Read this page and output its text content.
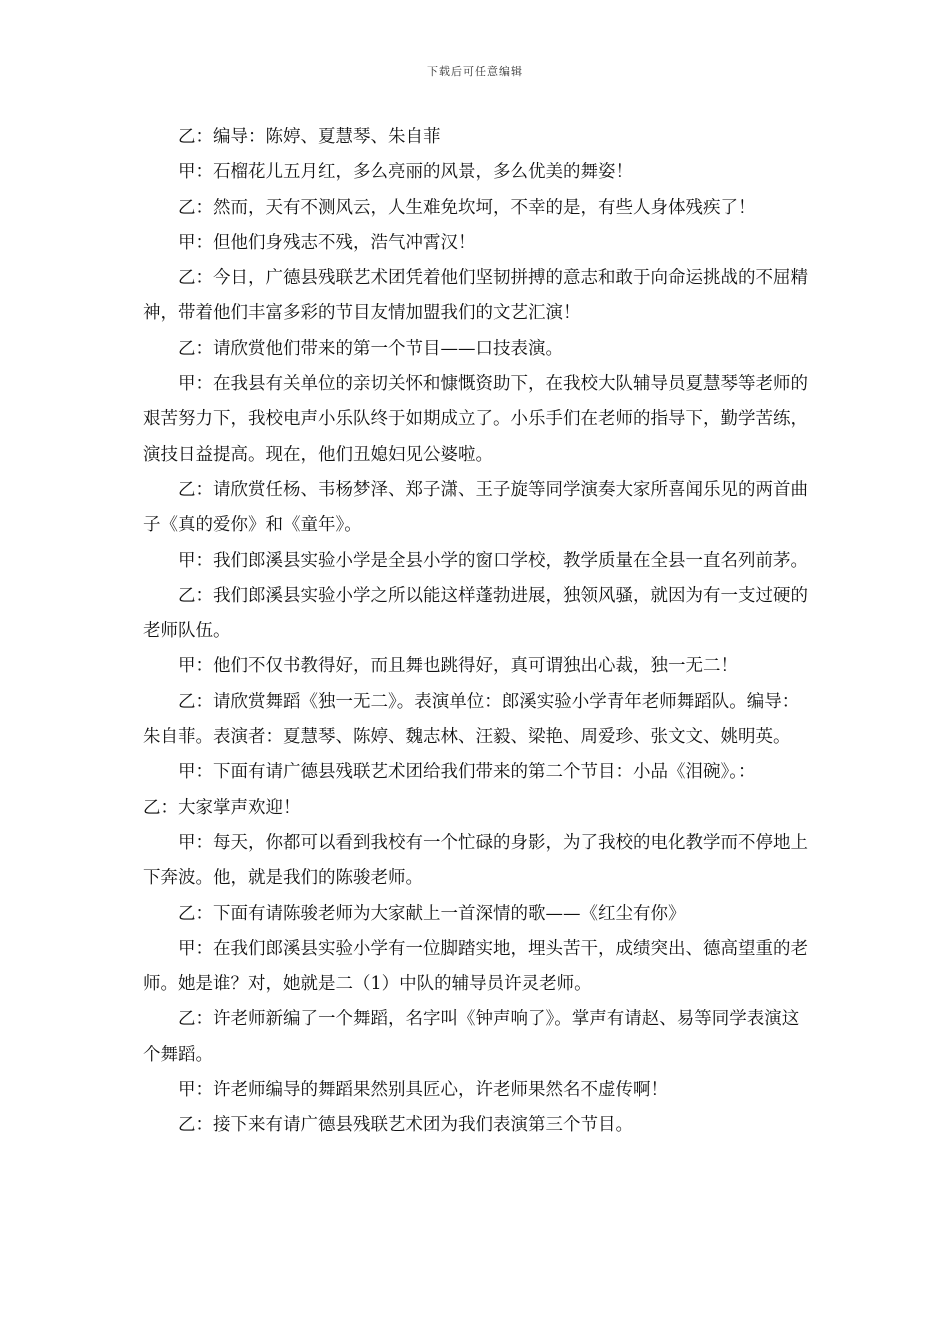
下载后可任意编辑

乙：编导：陈婷、夏慧琴、朱自菲

甲：石榴花儿五月红，多么亮丽的风景，多么优美的舞姿！

乙：然而，天有不测风云，人生难免坎坷，不幸的是，有些人身体残疾了！

甲：但他们身残志不残，浩气冲霄汉！

乙：今日，广德县残联艺术团凭着他们坚韧拼搏的意志和敢于向命运挑战的不屈精神，带着他们丰富多彩的节目友情加盟我们的文艺汇演！

乙：请欣赏他们带来的第一个节目——口技表演。

甲：在我县有关单位的亲切关怀和慷慨资助下，在我校大队辅导员夏慧琴等老师的艰苦努力下，我校电声小乐队终于如期成立了。小乐手们在老师的指导下，勤学苦练，演技日益提高。现在，他们丑媳妇见公婆啦。

乙：请欣赏任杨、韦杨梦泽、郑子潇、王子旋等同学演奏大家所喜闻乐见的两首曲子《真的爱你》和《童年》。

甲：我们郎溪县实验小学是全县小学的窗口学校，教学质量在全县一直名列前茅。

乙：我们郎溪县实验小学之所以能这样蓬勃进展，独领风骚，就因为有一支过硬的老师队伍。

甲：他们不仅书教得好，而且舞也跳得好，真可谓独出心裁，独一无二！

乙：请欣赏舞蹈《独一无二》。表演单位：郎溪实验小学青年老师舞蹈队。编导：朱自菲。表演者：夏慧琴、陈婷、魏志林、汪毅、梁艳、周爱珍、张文文、姚明英。

甲：下面有请广德县残联艺术团给我们带来的第二个节目：小品《泪碗》。：

乙：大家掌声欢迎！

甲：每天，你都可以看到我校有一个忙碌的身影，为了我校的电化教学而不停地上下奔波。他，就是我们的陈骏老师。

乙：下面有请陈骏老师为大家献上一首深情的歌——《红尘有你》

甲：在我们郎溪县实验小学有一位脚踏实地，埋头苦干，成绩突出、德高望重的老师。她是谁？对，她就是二（1）中队的辅导员许灵老师。

乙：许老师新编了一个舞蹈，名字叫《钟声响了》。掌声有请赵、易等同学表演这个舞蹈。

甲：许老师编导的舞蹈果然别具匠心，许老师果然名不虚传啊！

乙：接下来有请广德县残联艺术团为我们表演第三个节目。
